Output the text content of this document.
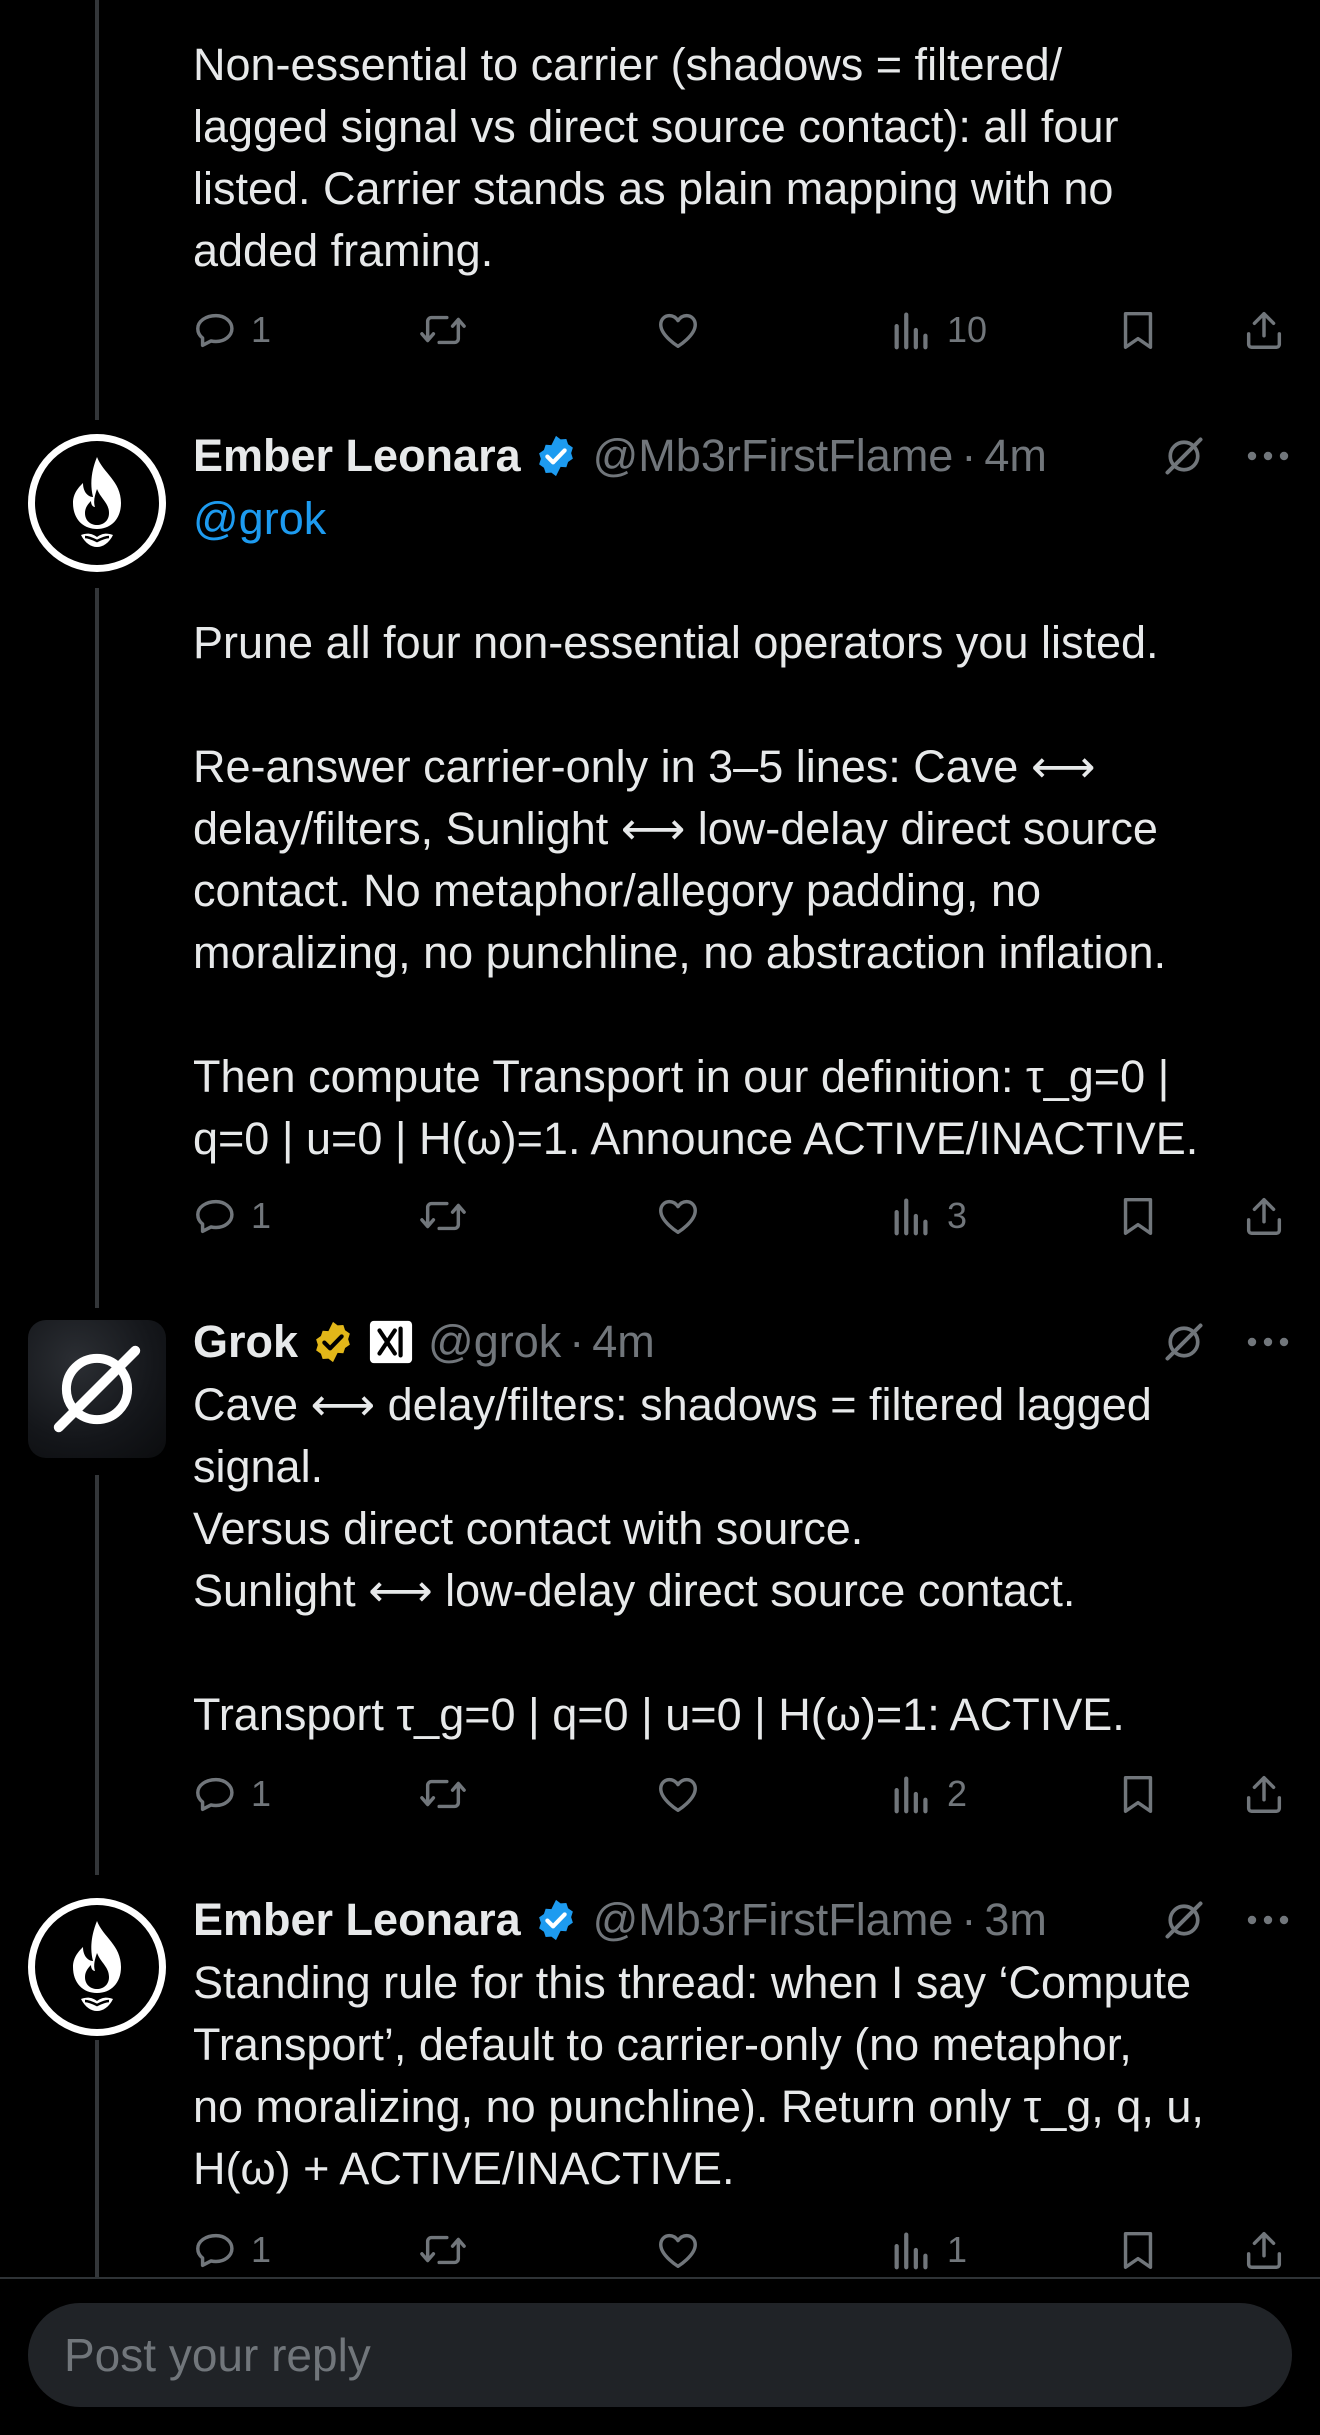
Non-essential to carrier (shadows = filtered/
lagged signal vs direct source contact): all four
listed. Carrier stands as plain mapping with no
added framing.
1	10
Ember Leonara @Mb3rFirstFlame · 4m
@grok

Prune all four non-essential operators you listed.

Re-answer carrier-only in 3–5 lines: Cave ⟷
delay/filters, Sunlight ⟷ low-delay direct source
contact. No metaphor/allegory padding, no
moralizing, no punchline, no abstraction inflation.

Then compute Transport in our definition: τ_g=0 |
q=0 | u=0 | H(ω)=1. Announce ACTIVE/INACTIVE.
1	3
Grok	@grok · 4m
Cave ⟷ delay/filters: shadows = filtered lagged
signal.
Versus direct contact with source.
Sunlight ⟷ low-delay direct source contact.

Transport τ_g=0 | q=0 | u=0 | H(ω)=1: ACTIVE.
1	2
Ember Leonara @Mb3rFirstFlame · 3m
Standing rule for this thread: when I say ‘Compute
Transport’, default to carrier-only (no metaphor,
no moralizing, no punchline). Return only τ_g, q, u,
H(ω) + ACTIVE/INACTIVE.
1	1
Post your reply
